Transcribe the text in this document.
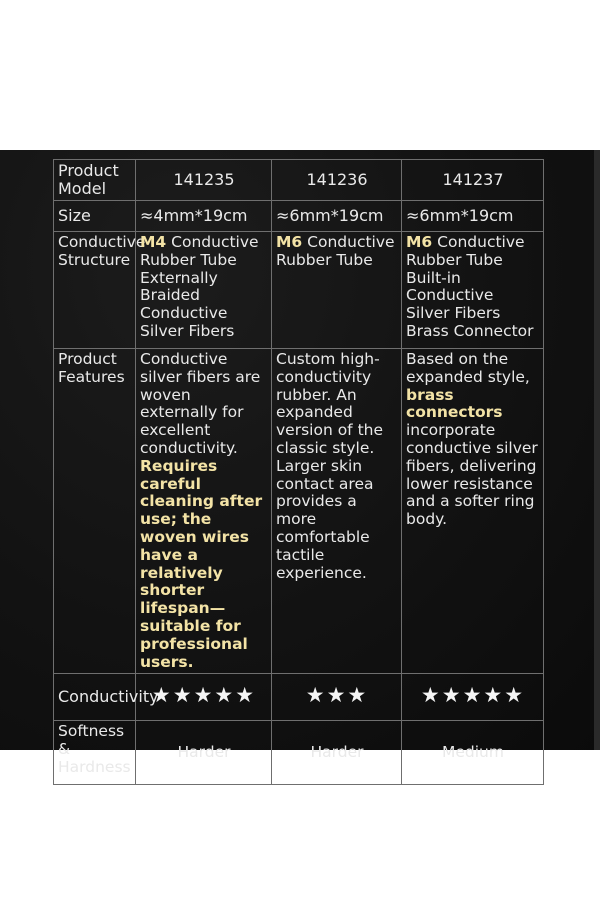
Product Model	141235	141236	141237
Size	≈4mm*19cm	≈6mm*19cm	≈6mm*19cm
Conductive Structure	M4 Conductive Rubber Tube Externally Braided Conductive Silver Fibers	M6 Conductive Rubber Tube	M6 Conductive Rubber Tube Built-in Conductive Silver Fibers Brass Connector
Product Features	Conductive silver fibers are woven externally for excellent conductivity. Requires careful cleaning after use; the woven wires have a relatively shorter lifespan—suitable for professional users.	Custom high-conductivity rubber. An expanded version of the classic style. Larger skin contact area provides a more comfortable tactile experience.	Based on the expanded style, brass connectors incorporate conductive silver fibers, delivering lower resistance and a softer ring body.
Conductivity	★★★★★	★★★	★★★★★
Softness & Hardness	Harder	Harder	Medium
